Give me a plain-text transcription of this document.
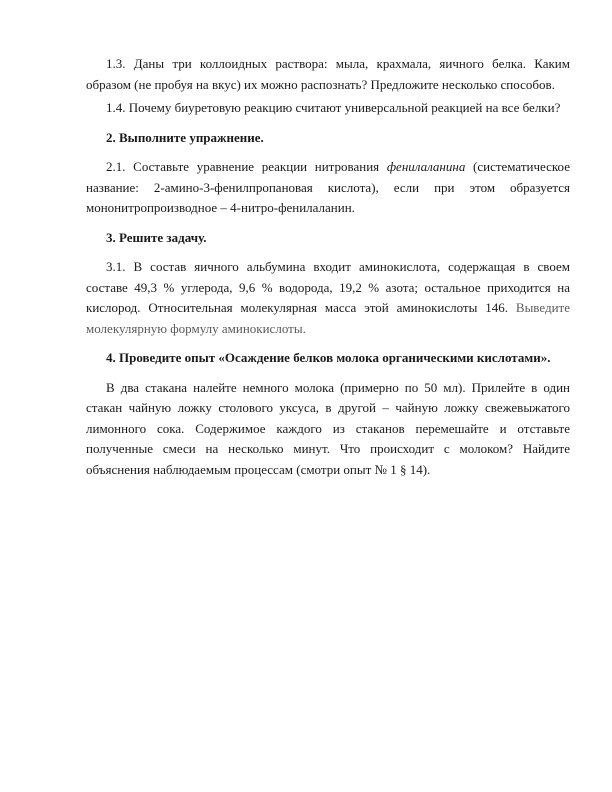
1.3. Даны три коллоидных раствора: мыла, крахмала, яичного белка. Каким образом (не пробуя на вкус) их можно распознать? Предложите несколько способов.

1.4. Почему биуретовую реакцию считают универсальной реакцией на все белки?

2. Выполните упражнение.

2.1. Составьте уравнение реакции нитрования фенилаланина (систематическое название: 2-амино-3-фенилпропановая кислота), если при этом образуется мононитропроизводное – 4-нитро-фенилаланин.

3. Решите задачу.

3.1. В состав яичного альбумина входит аминокислота, содержащая в своем составе 49,3 % углерода, 9,6 % водорода, 19,2 % азота; остальное приходится на кислород. Относительная молекулярная масса этой аминокислоты 146. Выведите молекулярную формулу аминокислоты.

4. Проведите опыт «Осаждение белков молока органическими кислотами».

В два стакана налейте немного молока (примерно по 50 мл). Прилейте в один стакан чайную ложку столового уксуса, в другой – чайную ложку свежевыжатого лимонного сока. Содержимое каждого из стаканов перемешайте и отставьте полученные смеси на несколько минут. Что происходит с молоком? Найдите объяснения наблюдаемым процессам (смотри опыт № 1 § 14).
